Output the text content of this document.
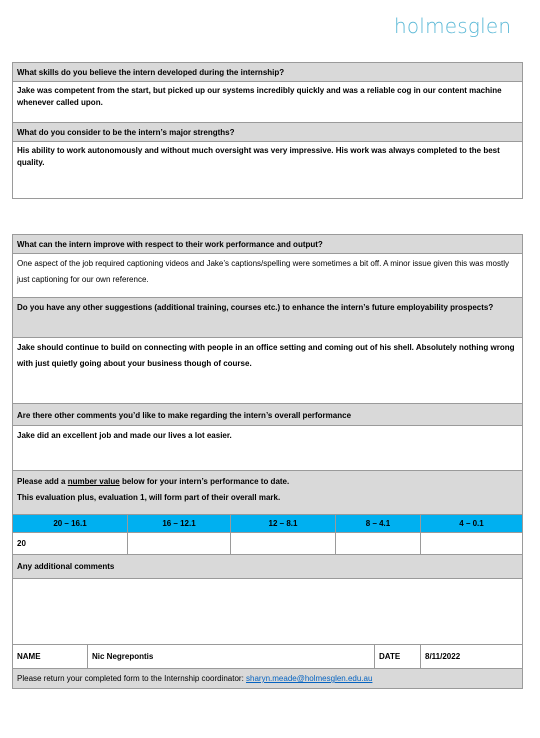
holmesglen
What skills do you believe the intern developed during the internship?
Jake was competent from the start, but picked up our systems incredibly quickly and was a reliable cog in our content machine whenever called upon.
What do you consider to be the intern’s major strengths?
His ability to work autonomously and without much oversight was very impressive. His work was always completed to the best quality.
What can the intern improve with respect to their work performance and output?
One aspect of the job required captioning videos and Jake’s captions/spelling were sometimes a bit off. A minor issue given this was mostly just captioning for our own reference.
Do you have any other suggestions (additional training, courses etc.) to enhance the intern’s future employability prospects?
Jake should continue to build on connecting with people in an office setting and coming out of his shell. Absolutely nothing wrong with just quietly going about your business though of course.
Are there other comments you’d like to make regarding the intern’s overall performance
Jake did an excellent job and made our lives a lot easier.
Please add a number value below for your intern’s performance to date.
This evaluation plus, evaluation 1, will form part of their overall mark.
20 – 16.1	16 – 12.1	12 – 8.1	8 – 4.1	4 – 0.1
20
Any additional comments
NAME	Nic Negrepontis	DATE	8/11/2022
Please return your completed form to the Internship coordinator: sharyn.meade@holmesglen.edu.au
